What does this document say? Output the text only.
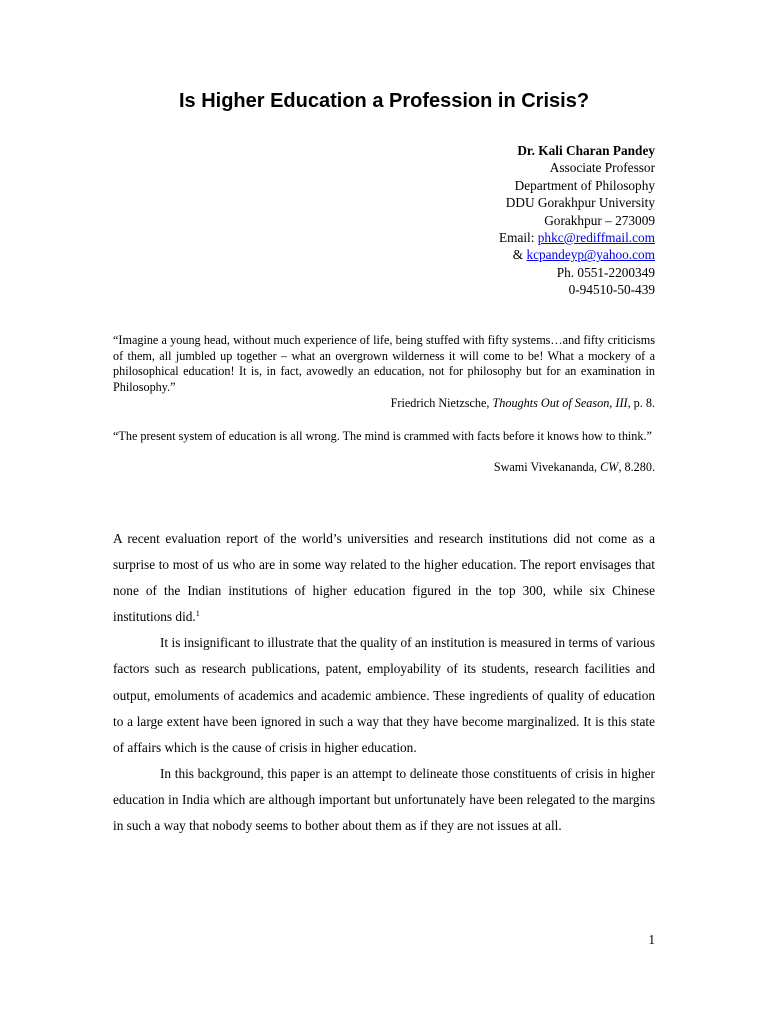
Is Higher Education a Profession in Crisis?
Dr. Kali Charan Pandey
Associate Professor
Department of Philosophy
DDU Gorakhpur University
Gorakhpur – 273009
Email: phkc@rediffmail.com
& kcpandeyp@yahoo.com
Ph. 0551-2200349
0-94510-50-439

“Imagine a young head, without much experience of life, being stuffed with fifty systems…and fifty criticisms of them, all jumbled up together – what an overgrown wilderness it will come to be! What a mockery of a philosophical education! It is, in fact, avowedly an education, not for philosophy but for an examination in Philosophy.”

Friedrich Nietzsche, Thoughts Out of Season, III, p. 8.

“The present system of education is all wrong. The mind is crammed with facts before it knows how to think.”

Swami Vivekananda, CW, 8.280.

A recent evaluation report of the world’s universities and research institutions did not come as a surprise to most of us who are in some way related to the higher education. The report envisages that none of the Indian institutions of higher education figured in the top 300, while six Chinese institutions did.$^1$

It is insignificant to illustrate that the quality of an institution is measured in terms of various factors such as research publications, patent, employability of its students, research facilities and output, emoluments of academics and academic ambience. These ingredients of quality of education to a large extent have been ignored in such a way that they have become marginalized. It is this state of affairs which is the cause of crisis in higher education.

In this background, this paper is an attempt to delineate those constituents of crisis in higher education in India which are although important but unfortunately have been relegated to the margins in such a way that nobody seems to bother about them as if they are not issues at all.

1
